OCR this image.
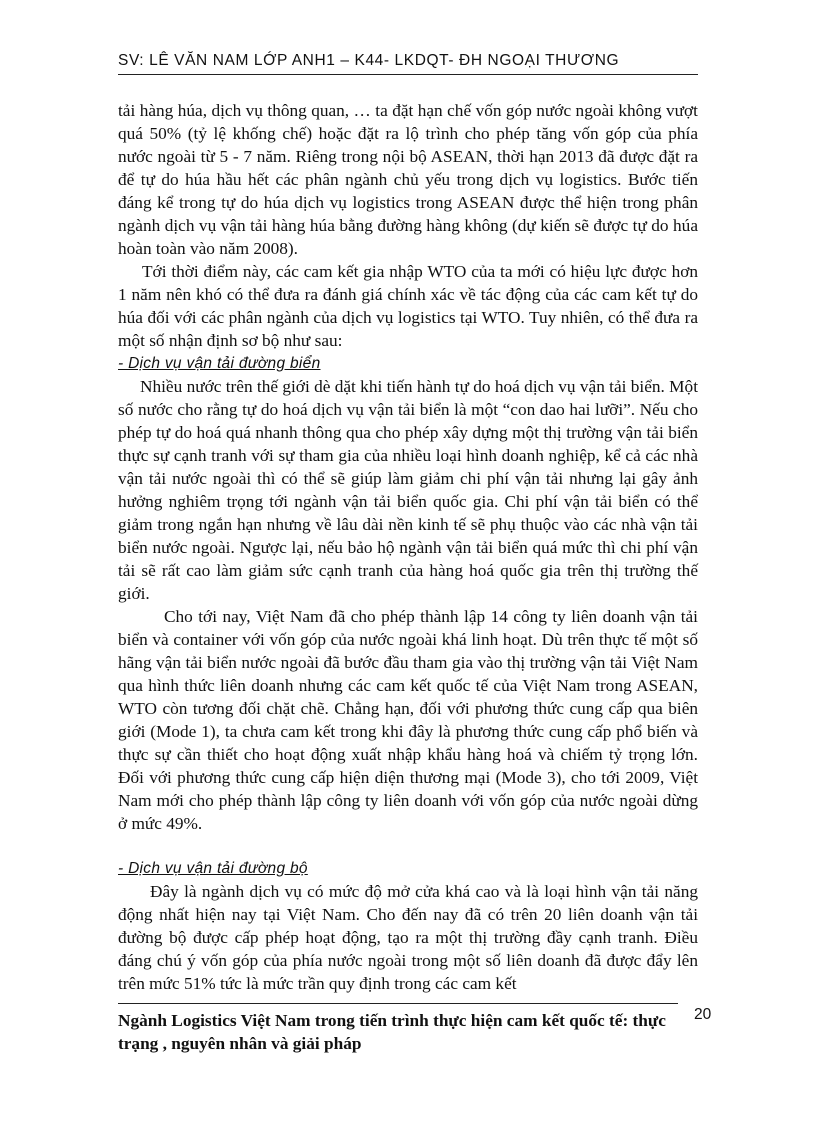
SV: LÊ VĂN NAM LỚP ANH1 – K44- LKDQT- ĐH NGOẠI THƯƠNG

tải hàng húa, dịch vụ thông quan, … ta đặt hạn chế vốn góp nước ngoài không vượt quá 50% (tỷ lệ khống chế) hoặc đặt ra lộ trình cho phép tăng vốn góp của phía nước ngoài từ 5 - 7 năm. Riêng trong nội bộ ASEAN, thời hạn 2013 đã được đặt ra để tự do húa hầu hết các phân ngành chủ yếu trong dịch vụ logistics. Bước tiến đáng kể trong tự do húa dịch vụ logistics trong ASEAN được thể hiện trong phân ngành dịch vụ vận tải hàng húa bằng đường hàng không (dự kiến sẽ được tự do húa hoàn toàn vào năm 2008).

Tới thời điểm này, các cam kết gia nhập WTO của ta mới có hiệu lực được hơn 1 năm nên khó có thể đưa ra đánh giá chính xác về tác động của các cam kết tự do húa đối với các phân ngành của dịch vụ logistics tại WTO. Tuy nhiên, có thể đưa ra một số nhận định sơ bộ như sau:

- Dịch vụ vận tải đường biển

Nhiều nước trên thế giới dè dặt khi tiến hành tự do hoá dịch vụ vận tải biển. Một số nước cho rằng tự do hoá dịch vụ vận tải biển là một “con dao hai lưỡi”. Nếu cho phép tự do hoá quá nhanh thông qua cho phép xây dựng một thị trường vận tải biển thực sự cạnh tranh với sự tham gia của nhiều loại hình doanh nghiệp, kể cả các nhà vận tải nước ngoài thì có thể sẽ giúp làm giảm chi phí vận tải nhưng lại gây ảnh hưởng nghiêm trọng tới ngành vận tải biển quốc gia. Chi phí vận tải biển có thể giảm trong ngắn hạn nhưng về lâu dài nền kinh tế sẽ phụ thuộc vào các nhà vận tải biển nước ngoài. Ngược lại, nếu bảo hộ ngành vận tải biển quá mức thì chi phí vận tải sẽ rất cao làm giảm sức cạnh tranh của hàng hoá quốc gia trên thị trường thế giới.

Cho tới nay, Việt Nam đã cho phép thành lập 14 công ty liên doanh vận tải biển và container với vốn góp của nước ngoài khá linh hoạt. Dù trên thực tế một số hãng vận tải biển nước ngoài đã bước đầu tham gia vào thị trường vận tải Việt Nam qua hình thức liên doanh nhưng các cam kết quốc tế của Việt Nam trong ASEAN, WTO còn tương đối chặt chẽ. Chẳng hạn, đối với phương thức cung cấp qua biên giới (Mode 1), ta chưa cam kết trong khi đây là phương thức cung cấp phổ biến và thực sự cần thiết cho hoạt động xuất nhập khẩu hàng hoá và chiếm tỷ trọng lớn. Đối với phương thức cung cấp hiện diện thương mại (Mode 3), cho tới 2009, Việt Nam mới cho phép thành lập công ty liên doanh với vốn góp của nước ngoài dừng ở mức 49%.

- Dịch vụ vận tải đường bộ

Đây là ngành dịch vụ có mức độ mở cửa khá cao và là loại hình vận tải năng động nhất hiện nay tại Việt Nam. Cho đến nay đã có trên 20 liên doanh vận tải đường bộ được cấp phép hoạt động, tạo ra một thị trường đầy cạnh tranh. Điều đáng chú ý vốn góp của phía nước ngoài trong một số liên doanh đã được đẩy lên trên mức 51% tức là mức trần quy định trong các cam kết

Ngành Logistics Việt Nam trong tiến trình thực hiện cam kết quốc tế: thực trạng , nguyên nhân và giải pháp
20
